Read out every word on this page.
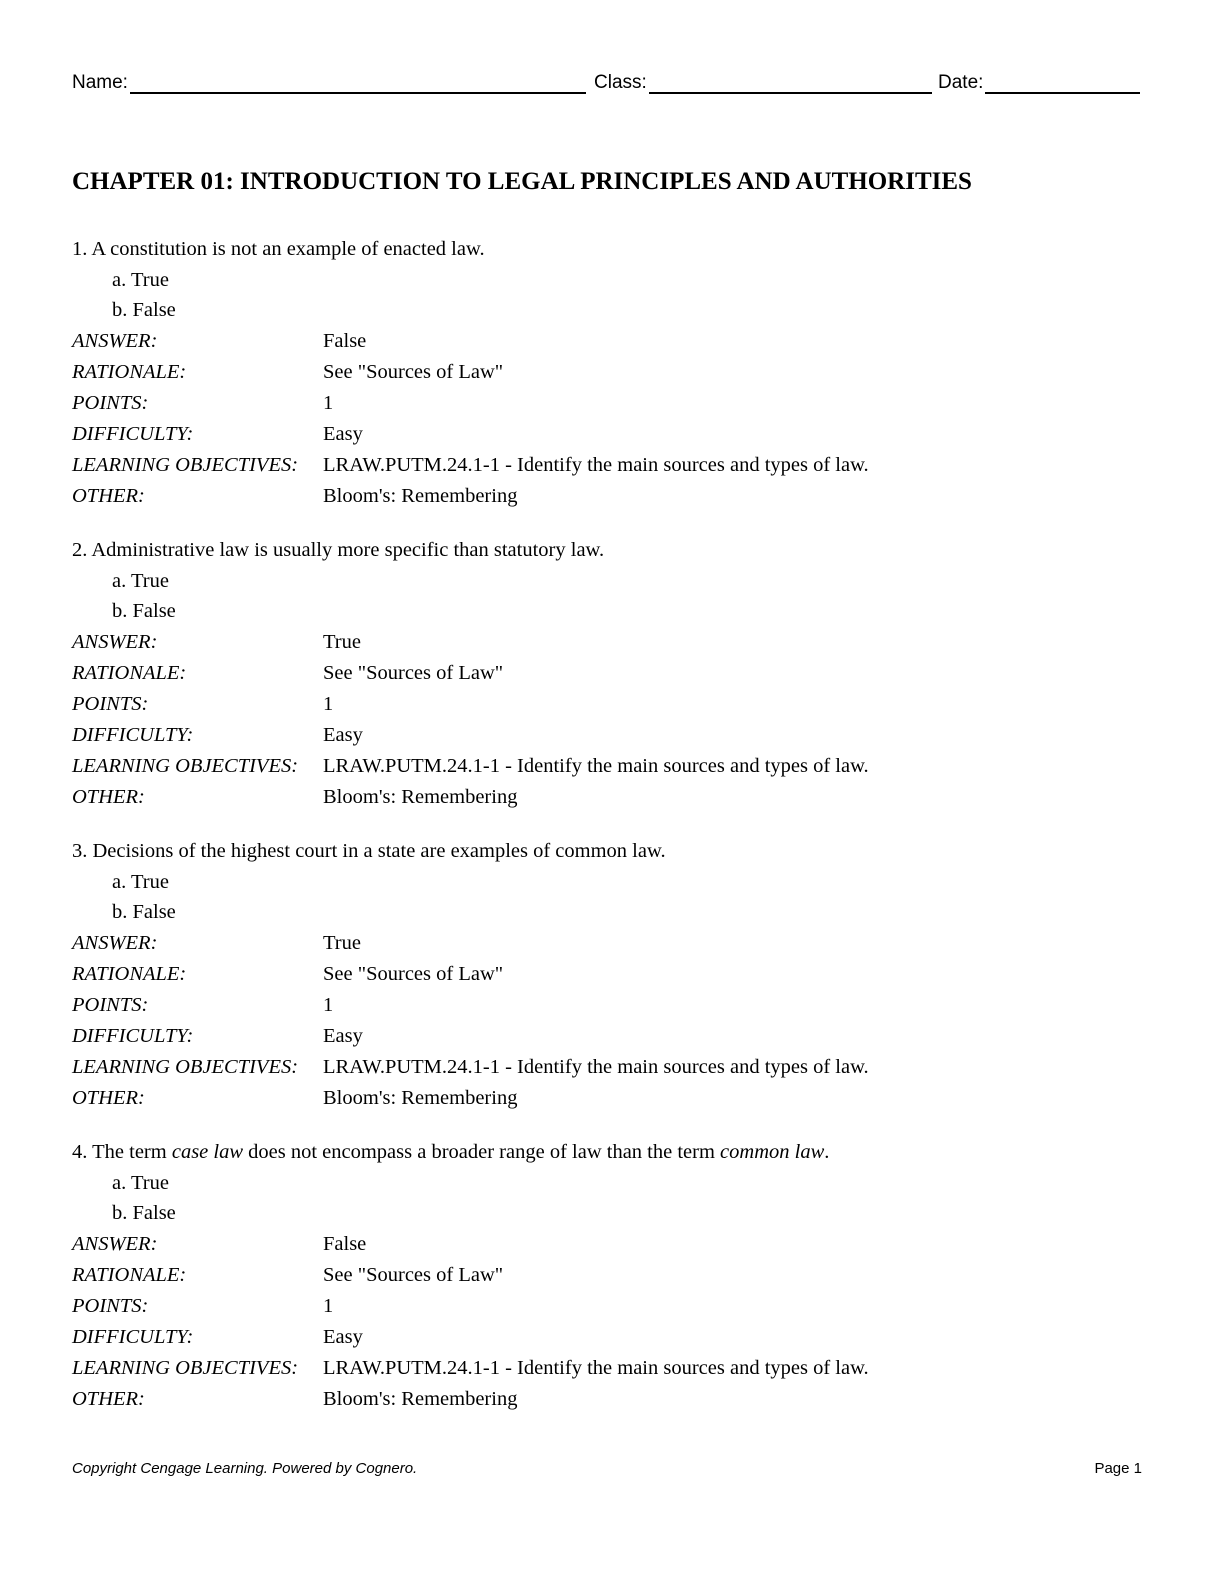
Name:	Class:	Date:
CHAPTER 01: INTRODUCTION TO LEGAL PRINCIPLES AND AUTHORITIES
1. A constitution is not an example of enacted law.
a. True
b. False
ANSWER:	False
RATIONALE:	See "Sources of Law"
POINTS:	1
DIFFICULTY:	Easy
LEARNING OBJECTIVES:	LRAW.PUTM.24.1-1 - Identify the main sources and types of law.
OTHER:	Bloom's: Remembering
2. Administrative law is usually more specific than statutory law.
a. True
b. False
ANSWER:	True
RATIONALE:	See "Sources of Law"
POINTS:	1
DIFFICULTY:	Easy
LEARNING OBJECTIVES:	LRAW.PUTM.24.1-1 - Identify the main sources and types of law.
OTHER:	Bloom's: Remembering
3. Decisions of the highest court in a state are examples of common law.
a. True
b. False
ANSWER:	True
RATIONALE:	See "Sources of Law"
POINTS:	1
DIFFICULTY:	Easy
LEARNING OBJECTIVES:	LRAW.PUTM.24.1-1 - Identify the main sources and types of law.
OTHER:	Bloom's: Remembering
4. The term case law does not encompass a broader range of law than the term common law.
a. True
b. False
ANSWER:	False
RATIONALE:	See "Sources of Law"
POINTS:	1
DIFFICULTY:	Easy
LEARNING OBJECTIVES:	LRAW.PUTM.24.1-1 - Identify the main sources and types of law.
OTHER:	Bloom's: Remembering
Copyright Cengage Learning. Powered by Cognero.	Page 1
